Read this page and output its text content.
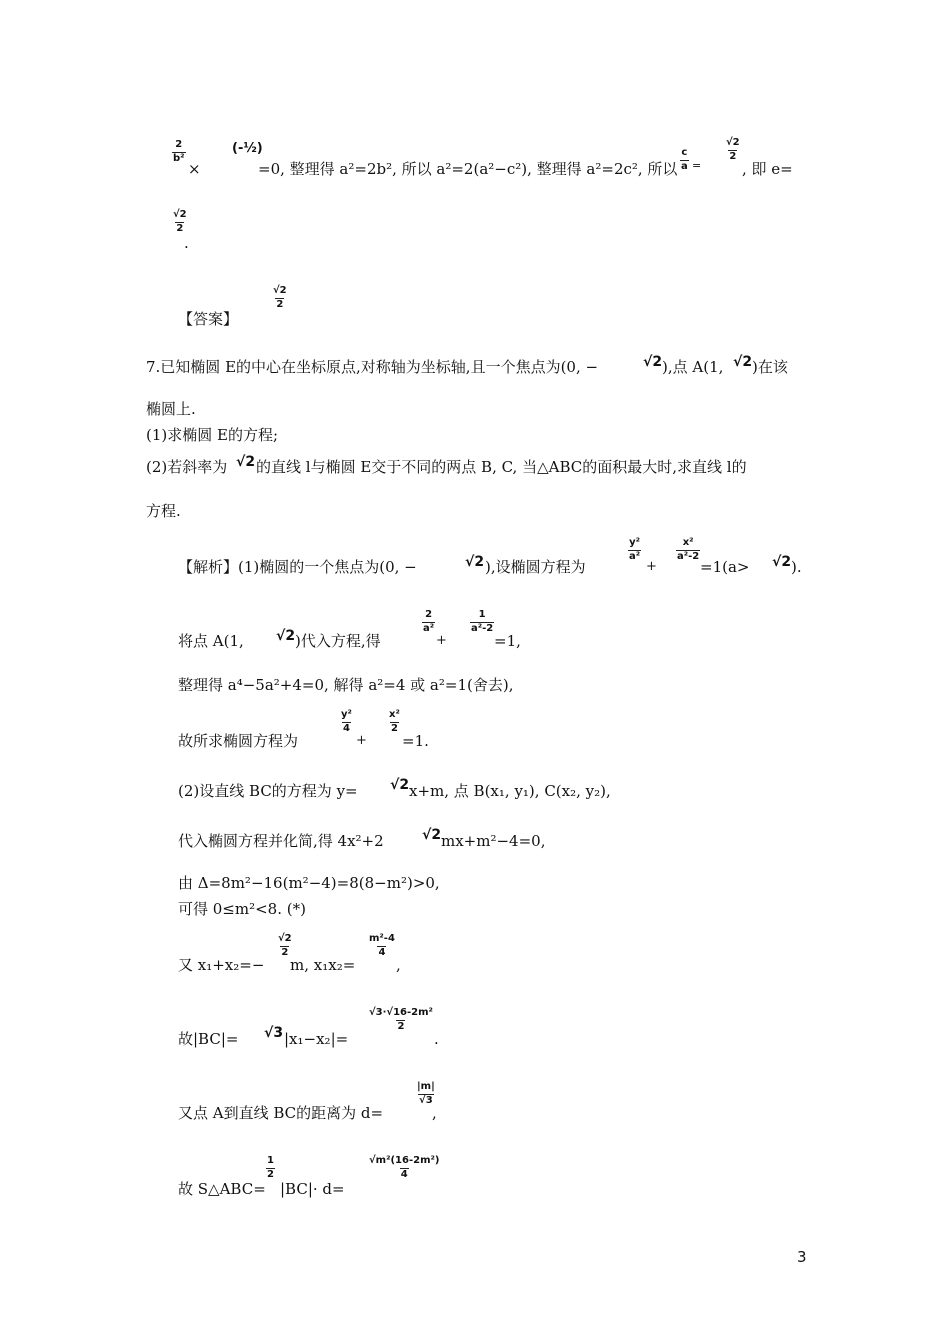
$\frac{2}{\text{b²}}$
×
(-½)
=0, 整理得 a²=2b², 所以 a²=2(a²−c²), 整理得 a²=2c², 所以 $\frac{c}{a}$ =
$\frac{√2}{2}$
, 即 e=
$\frac{√2}{2}$
.
【答案】
$\frac{√2}{2}$
7.已知椭圆 E的中心在坐标原点,对称轴为坐标轴,且一个焦点为(0, −	√2 ),点 A(1, √2 )在该
椭圆上.
(1)求椭圆 E的方程;
(2)若斜率为 √2 的直线 l与椭圆 E交于不同的两点 B, C, 当△ABC的面积最大时,求直线 l的
方程.
【解析】(1)椭圆的一个焦点为(0, −	√2 ),设椭圆方程为
$\frac{\text{y²}}{\text{a²}}$
+
$\frac{\text{x²}}{\text{a²-2}}$
=1(a> √2 ).
将点 A(1, √2 )代入方程,得
$\frac{2}{\text{a²}}$
+
$\frac{1}{\text{a²-2}}$
=1,
整理得 a⁴−5a²+4=0, 解得 a²=4 或 a²=1(舍去),
故所求椭圆方程为
$\frac{\text{y²}}{4}$
+
$\frac{\text{x²}}{2}$
=1.
(2)设直线 BC的方程为 y= √2 x+m, 点 B(x₁, y₁), C(x₂, y₂),
代入椭圆方程并化简,得 4x²+2	√2 mx+m²−4=0,
由 Δ=8m²−16(m²−4)=8(8−m²)>0,
可得 0≤m²<8. (*)
又 x₁+x₂=−
$\frac{√2}{2}$
m, x₁x₂=
$\frac{\text{m²-4}}{4}$
,
故|BC|= √3 |x₁−x₂|=
$\frac{\text{√3·√16-2m²}}{2}$
.
又点 A到直线 BC的距离为 d=
$\frac{|m|}{√3}$
,
故 S△ABC=
$\frac{1}{2}$
|BC|· d=
$\frac{\text{√m²(16-2m²)}}{4}$
3
